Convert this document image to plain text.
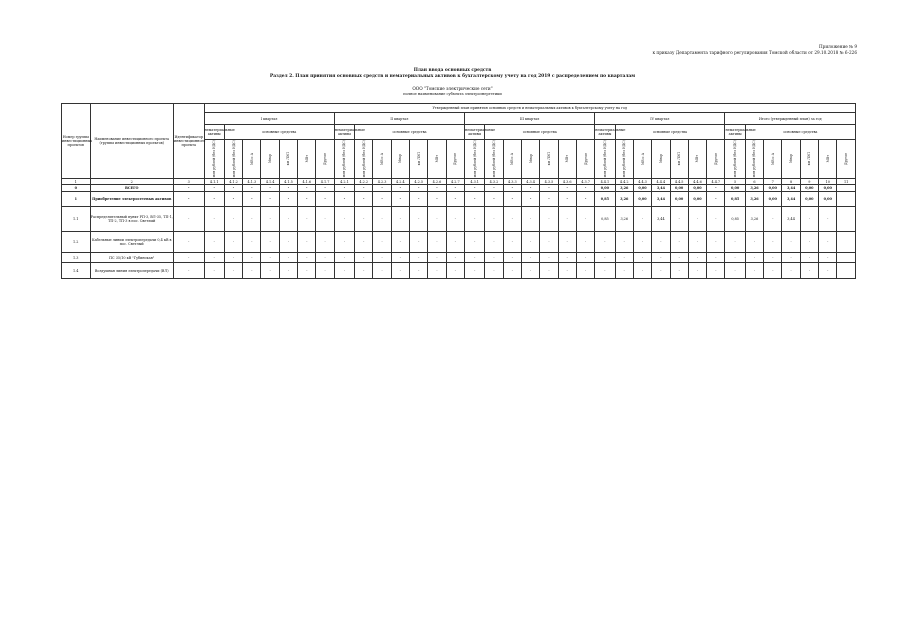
Приложение № 9
к приказу Департамента тарифного регулирования Томской области от 29.10.2018 № 6-226
План ввода основных средств
Раздел 2. План принятия основных средств и нематериальных активов к бухгалтерскому учету на год 2019 с распределением по кварталам
ООО "Томские электрические сети"
полное наименование субъекта электроэнергетики
Номер группы инвестиционных проектов	Наименование инвестиционного проекта (группы инвестиционных проектов)	Идентификатор инвестиционного проекта	Утвержденный план принятия основных средств и нематериальных активов к бухгалтерскому учету на год																																		
			I квартал							II квартал							III квартал							IV квартал							Итого (утвержденный план) за год						
			нематериальные активы	основные средства						нематериальные активы	основные средства						нематериальные активы	основные средства						нематериальные активы	основные средства						нематериальные активы	основные средства					
			млн рублей (без НДС)	млн рублей (без НДС)	МВ×А	Мвар	км ЛЭП	МВт	Другое	млн рублей (без НДС)	млн рублей (без НДС)	МВ×А	Мвар	км ЛЭП	МВт	Другое	млн рублей (без НДС)	млн рублей (без НДС)	МВ×А	Мвар	км ЛЭП	МВт	Другое	млн рублей (без НДС)	млн рублей (без НДС)	МВ×А	Мвар	км ЛЭП	МВт	Другое	млн рублей (без НДС)	млн рублей (без НДС)	МВ×А	Мвар	км ЛЭП	МВт	Другое
1	2	3	4.1.1	4.1.2	4.1.3	4.1.4	4.1.5	4.1.6	4.1.7	4.2.1	4.2.2	4.2.3	4.2.4	4.2.5	4.2.6	4.2.7	4.3.1	4.3.2	4.3.3	4.3.4	4.3.5	4.3.6	4.3.7	4.4.1	4.4.2	4.4.3	4.4.4	4.4.5	4.4.6	4.4.7	5	6	7	8	9	10	11
0	ВСЕГО	-	-	-	-	-	-	-	-	-	-	-	-	-	-	-	-	-	-	-	-	-	-	0,00	3,26	0,00	3,44	0,00	0,00	-	0,00	3,26	0,00	3,44	0,00	0,00	
1	Приобретение электросетевых активов	-	-	-	-	-	-	-	-	-	-	-	-	-	-	-	-	-	-	-	-	-	-	0,85	3,26	0,00	3,44	0,00	0,00	-	0,85	3,26	0,00	3,44	0,00	0,00	
1.1	Распределительный пункт РП-3, ВЛ-35, ТП-1, ТП-2, ТП-3 в пос. Светлый	-	-	-	-	-	-	-	-	-	-	-	-	-	-	-	-	-	-	-	-	-	-	0,85	3,26	-	3,44	-	-	-	0,85	3,26	-	3,44	-	-	
1.2	Кабельные линии электропередачи 0,4 кВ в пос. Светлый	-	-	-	-	-	-	-	-	-	-	-	-	-	-	-	-	-	-	-	-	-	-	-	-	-	-	-	-	-	-	-	-	-	-	-	
1.3	ПС 35/10 кВ "Губинская"	-	-	-	-	-	-	-	-	-	-	-	-	-	-	-	-	-	-	-	-	-	-	-	-	-	-	-	-	-	-	-	-	-	-	-	
1.4	Воздушная линия электропередачи (ВЛ)	-	-	-	-	-	-	-	-	-	-	-	-	-	-	-	-	-	-	-	-	-	-	-	-	-	-	-	-	-	-	-	-	-	-	-	
